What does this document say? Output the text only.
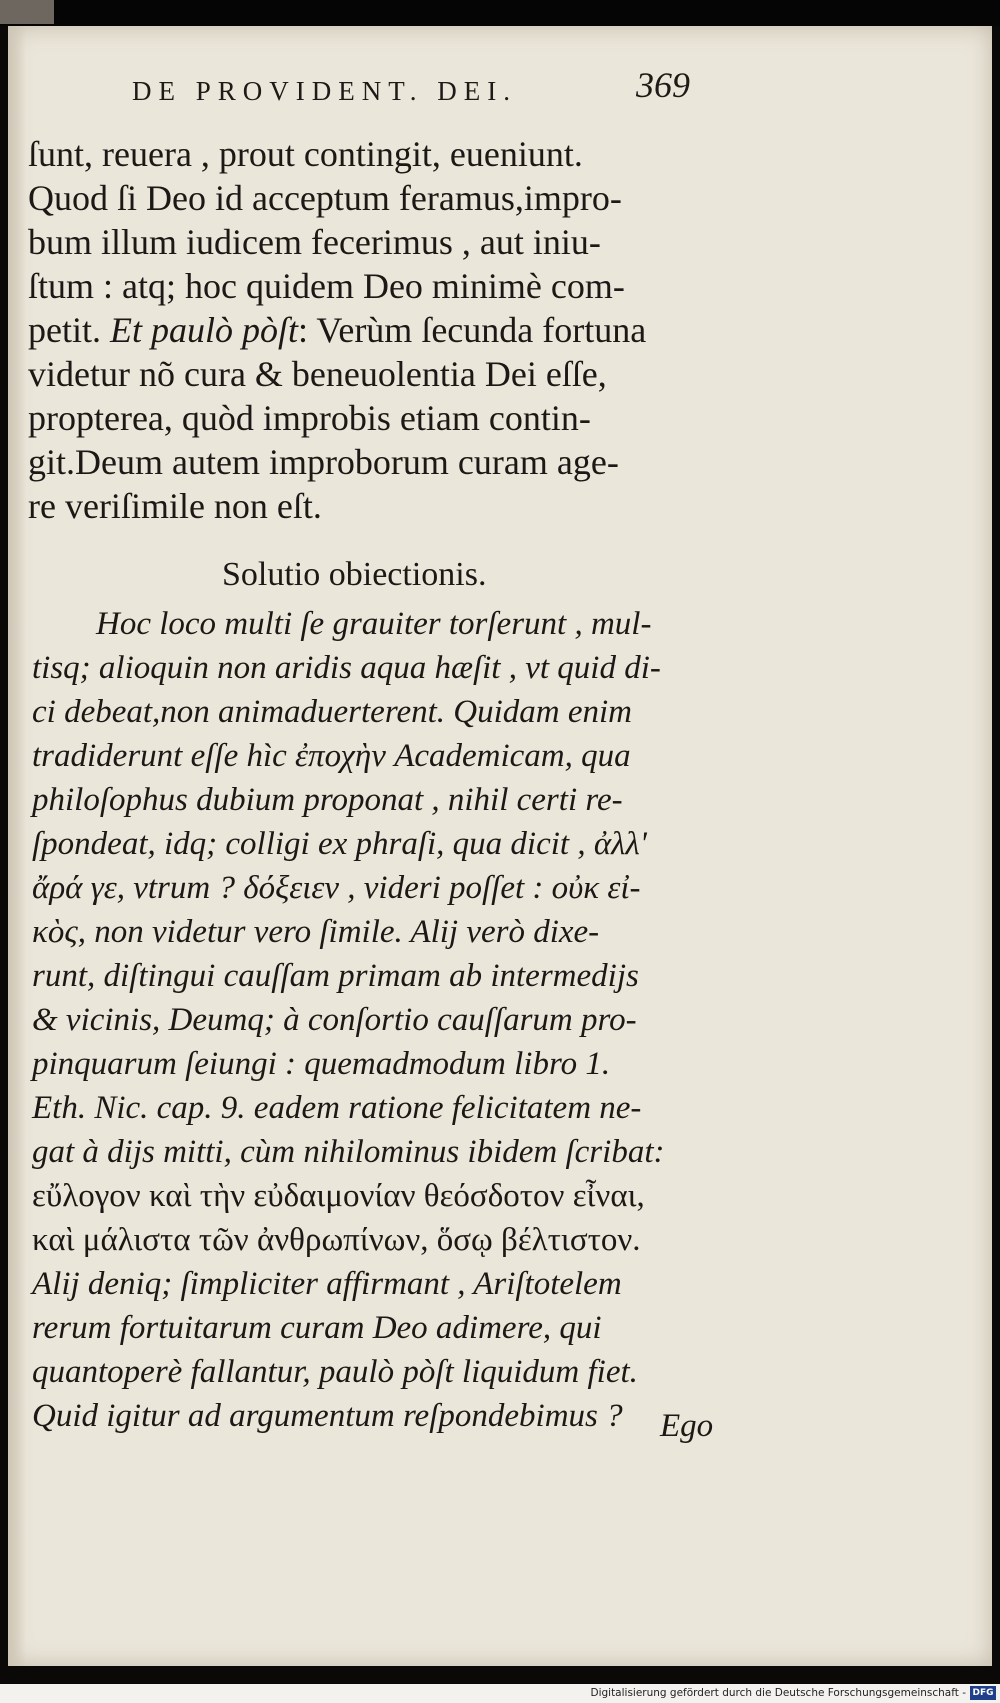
DE PROVIDENT. DEI.	369
ſunt, reuera , prout contingit, eueniunt.
Quod ſi Deo id acceptum feramus,impro-
bum illum iudicem fecerimus , aut iniu-
ſtum : atq; hoc quidem Deo minimè com-
petit. Et paulò pòſt: Verùm ſecunda fortuna
videtur nõ cura & beneuolentia Dei eſſe,
propterea, quòd improbis etiam contin-
git.Deum autem improborum curam age-
re veriſimile non eſt.
Solutio obiectionis.
Hoc loco multi ſe grauiter torſerunt , mul-
tisq; alioquin non aridis aqua hæſit , vt quid di-
ci debeat,non animaduerterent. Quidam enim
tradiderunt eſſe hìc ἐποχὴν Academicam, qua
philoſophus dubium proponat , nihil certi re-
ſpondeat, idq; colligi ex phraſi, qua dicit , ἀλλ'
ἄρά γε, vtrum ? δόξειεν , videri poſſet : οὐκ εἰ-
κὸς, non videtur vero ſimile. Alij verò dixe-
runt, diſtingui cauſſam primam ab intermedijs
& vicinis, Deumq; à conſortio cauſſarum pro-
pinquarum ſeiungi : quemadmodum libro 1.
Eth. Nic. cap. 9. eadem ratione felicitatem ne-
gat à dijs mitti, cùm nihilominus ibidem ſcribat:
εὔλογον καὶ τὴν εὐδαιμονίαν θεόσδοτον εἶναι,
καὶ μάλιστα τῶν ἀνθρωπίνων, ὅσῳ βέλτιστον.
Alij deniq; ſimpliciter affirmant , Ariſtotelem
rerum fortuitarum curam Deo adimere, qui
quantoperè fallantur, paulò pòſt liquidum fiet.
Quid igitur ad argumentum reſpondebimus ? Ego
Digitalisierung gefördert durch die Deutsche Forschungsgemeinschaft - DFG
